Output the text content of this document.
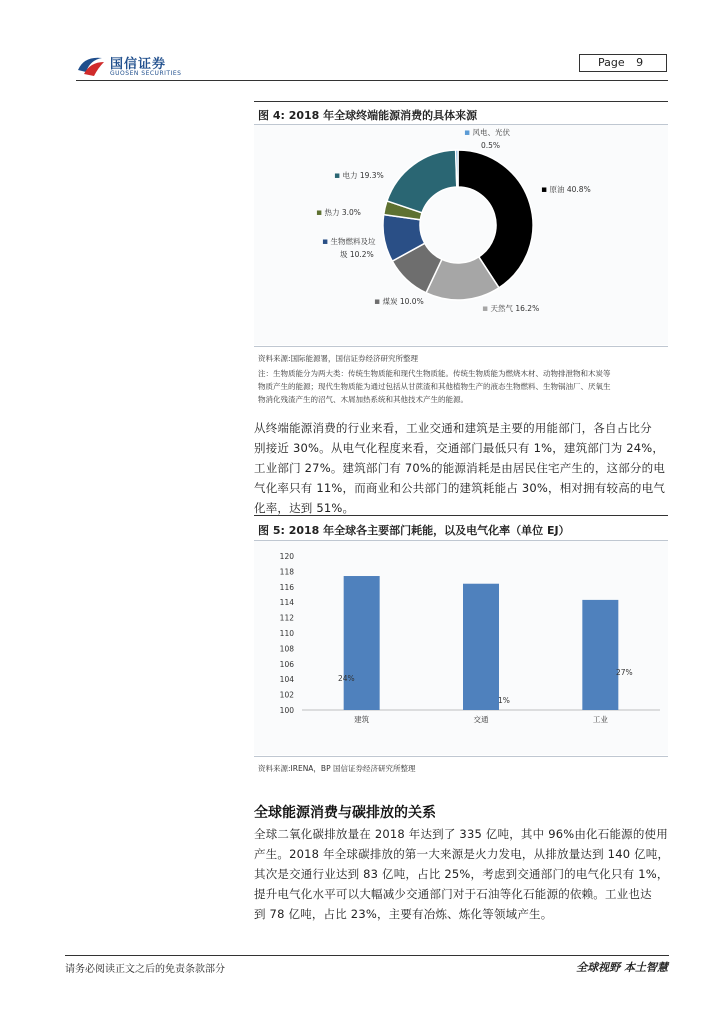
国信证券
GUOSEN SECURITIES
Page 9
图 4: 2018 年全球终端能源消费的具体来源
▪ 风电、光伏
0.5%
▪ 原油 40.8%
▪ 天然气 16.2%
▪ 煤炭 10.0%
▪ 生物燃料及垃
圾 10.2%
▪ 热力 3.0%
▪ 电力 19.3%
资料来源:国际能源署，国信证券经济研究所整理
注：生物质能分为两大类：传统生物质能和现代生物质能。传统生物质能为燃烧木材、动物排泄物和木炭等
物质产生的能源；现代生物质能为通过包括从甘蔗渣和其他植物生产的液态生物燃料、生物锅油厂、厌氧生
物消化残渣产生的沼气、木屑加热系统和其他技术产生的能源。
从终端能源消费的行业来看，工业交通和建筑是主要的用能部门，各自占比分
别接近 30%。从电气化程度来看，交通部门最低只有 1%，建筑部门为 24%，
工业部门 27%。建筑部门有 70%的能源消耗是由居民住宅产生的，这部分的电
气化率只有 11%，而商业和公共部门的建筑耗能占 30%，相对拥有较高的电气
化率，达到 51%。
图 5: 2018 年全球各主要部门耗能，以及电气化率（单位 EJ）
100
102
104
106
108
110
112
114
116
118
120
建筑	交通	工业
24%
1%
27%
资料来源:IRENA，BP 国信证券经济研究所整理
全球能源消费与碳排放的关系
全球二氧化碳排放量在 2018 年达到了 335 亿吨，其中 96%由化石能源的使用
产生。2018 年全球碳排放的第一大来源是火力发电，从排放量达到 140 亿吨，
其次是交通行业达到 83 亿吨，占比 25%，考虑到交通部门的电气化只有 1%，
提升电气化水平可以大幅减少交通部门对于石油等化石能源的依赖。工业也达
到 78 亿吨，占比 23%，主要有冶炼、炼化等领域产生。
请务必阅读正文之后的免责条款部分	全球视野 本土智慧
